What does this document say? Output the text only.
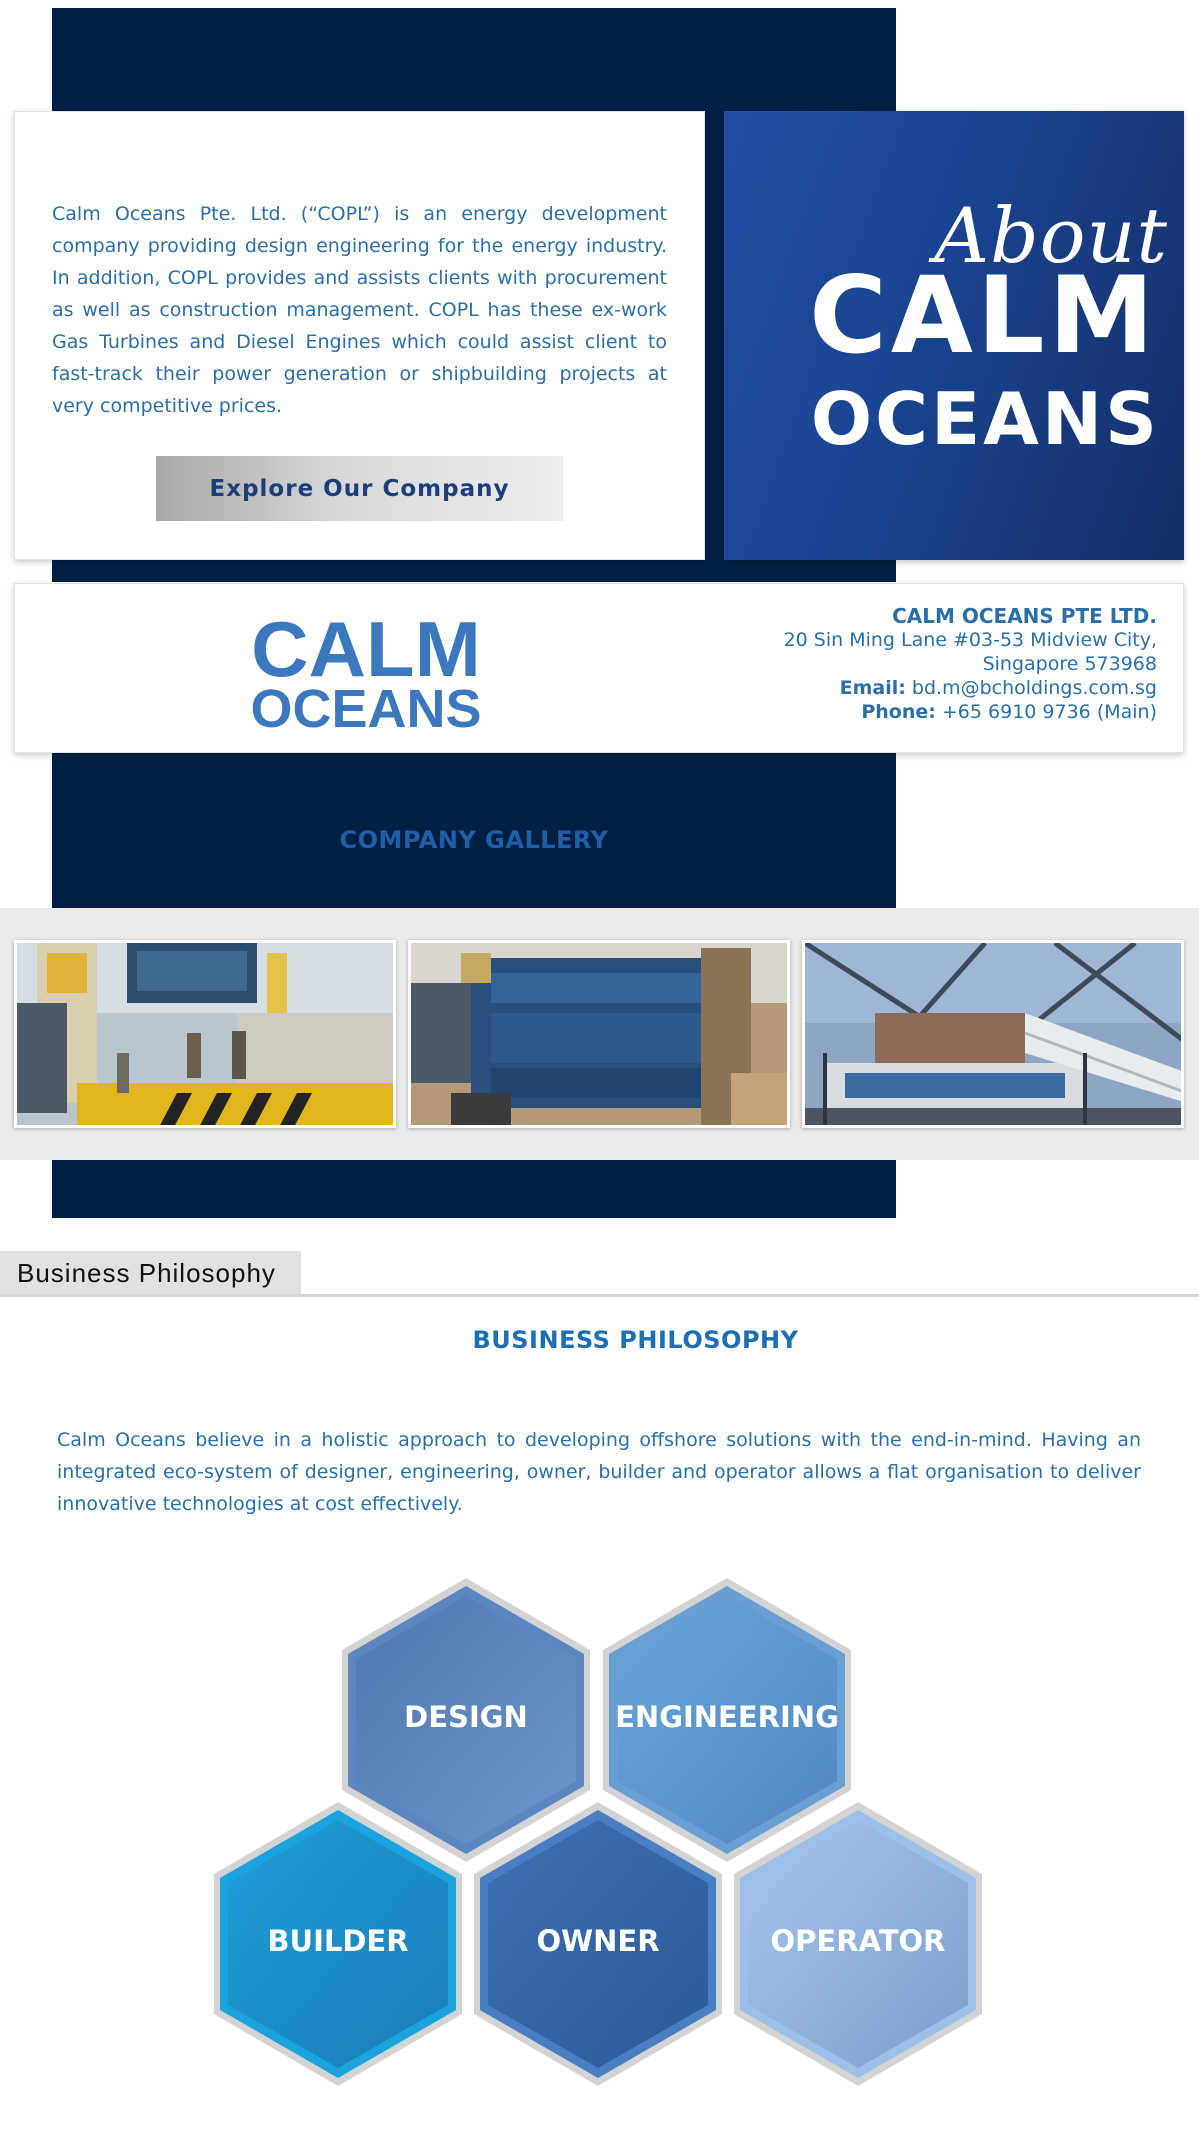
Calm Oceans Pte. Ltd. (“COPL”) is an energy development company providing design engineering for the energy industry. In addition, COPL provides and assists clients with procurement as well as construction management. COPL has these ex-work Gas Turbines and Diesel Engines which could assist client to fast-track their power generation or shipbuilding projects at very competitive prices.

Explore Our Company
About
CALM
OCEANS
CALM
OCEANS
CALM OCEANS PTE LTD.
20 Sin Ming Lane #03-53 Midview City,
Singapore 573968
Email: bd.m@bcholdings.com.sg
Phone: +65 6910 9736 (Main)
COMPANY GALLERY
Business Philosophy
BUSINESS PHILOSOPHY

Calm Oceans believe in a holistic approach to developing offshore solutions with the end-in-mind. Having an integrated eco-system of designer, engineering, owner, builder and operator allows a flat organisation to deliver innovative technologies at cost effectively.

DESIGN	ENGINEERING
BUILDER	OWNER	OPERATOR
